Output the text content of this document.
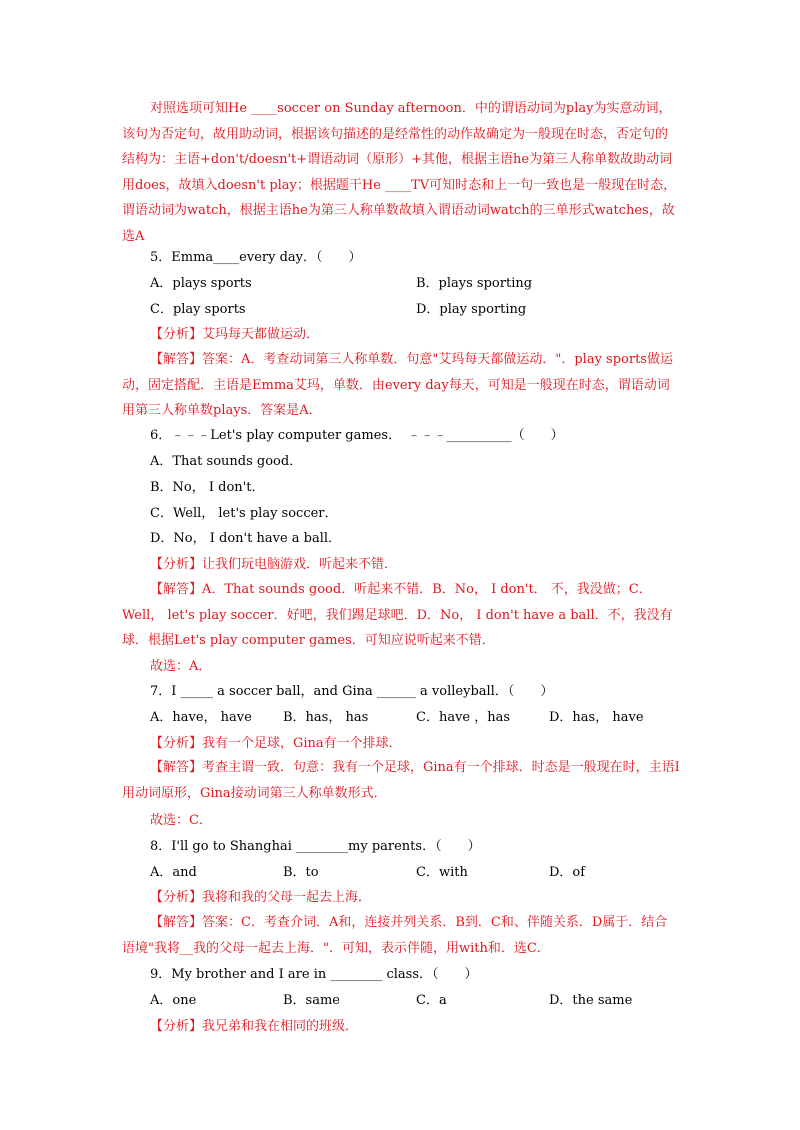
对照选项可知He ____soccer on Sunday afternoon．中的谓语动词为play为实意动词，该句为否定句，故用助动词，根据该句描述的是经常性的动作故确定为一般现在时态，否定句的结构为：主语+don't/doesn't+谓语动词（原形）+其他，根据主语he为第三人称单数故助动词用does，故填入doesn't play；根据题干He ____TV可知时态和上一句一致也是一般现在时态，谓语动词为watch，根据主语he为第三人称单数故填入谓语动词watch的三单形式watches，故选A
5．Emma____every day．（　　）
A．plays sports	B．plays sporting
C．play sports	D．play sporting
【分析】艾玛每天都做运动．
【解答】答案：A．考查动词第三人称单数．句意"艾玛每天都做运动．"．play sports做运动，固定搭配．主语是Emma艾玛，单数．由every day每天，可知是一般现在时态，谓语动词用第三人称单数plays．答案是A．
6．﹣﹣﹣Let's play computer games．　﹣﹣﹣__________（　　）
A．That sounds good．
B．No， I don't．
C．Well， let's play soccer．
D．No， I don't have a ball．
【分析】让我们玩电脑游戏．听起来不错．
【解答】A．That sounds good．听起来不错．B．No， I don't． 不，我没做；C．Well， let's play soccer．好吧，我们踢足球吧．D．No， I don't have a ball．不，我没有球．根据Let's play computer games．可知应说听起来不错．
故选：A．
7．I _____ a soccer ball，and Gina ______ a volleyball．（　　）
A．have， have B．has， has	C．have ，has	D．has， have
【分析】我有一个足球，Gina有一个排球．
【解答】考查主谓一致．句意：我有一个足球，Gina有一个排球．时态是一般现在时，主语I用动词原形，Gina接动词第三人称单数形式．
故选：C．
8．I'll go to Shanghai ________my parents．（　　）
A．and	B．to	C．with	D．of
【分析】我将和我的父母一起去上海．
【解答】答案：C．考查介词．A和，连接并列关系．B到．C和、伴随关系．D属于．结合语境"我将__我的父母一起去上海．"．可知，表示伴随，用with和．选C．
9．My brother and I are in ________ class．（　　）
A．one	B．same	C．a	D．the same
【分析】我兄弟和我在相同的班级．
